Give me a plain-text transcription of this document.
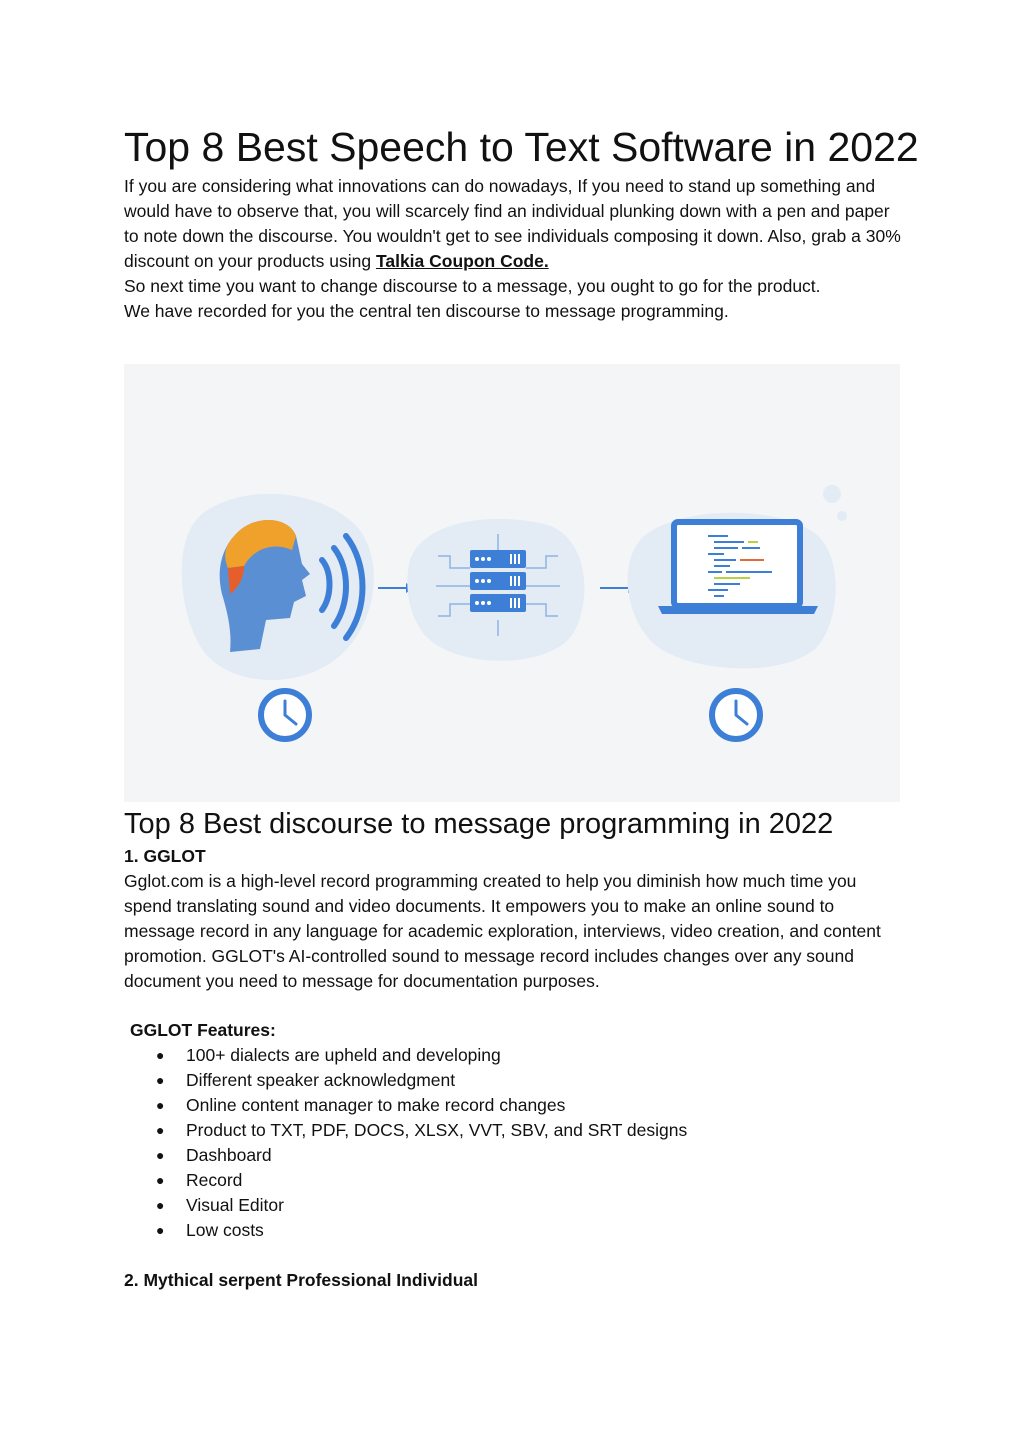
Top 8 Best Speech to Text Software in 2022

If you are considering what innovations can do nowadays, If you need to stand up something and would have to observe that, you will scarcely find an individual plunking down with a pen and paper to note down the discourse. You wouldn't get to see individuals composing it down. Also, grab a 30% discount on your products using Talkia Coupon Code.

So next time you want to change discourse to a message, you ought to go for the product.

We have recorded for you the central ten discourse to message programming.

Top 8 Best discourse to message programming in 2022

1. GGLOT

Gglot.com is a high-level record programming created to help you diminish how much time you spend translating sound and video documents. It empowers you to make an online sound to message record in any language for academic exploration, interviews, video creation, and content promotion. GGLOT's AI-controlled sound to message record includes changes over any sound document you need to message for documentation purposes.

GGLOT Features:

● 100+ dialects are upheld and developing
● Different speaker acknowledgment
● Online content manager to make record changes
● Product to TXT, PDF, DOCS, XLSX, VVT, SBV, and SRT designs
● Dashboard
● Record
● Visual Editor
● Low costs

2. Mythical serpent Professional Individual
